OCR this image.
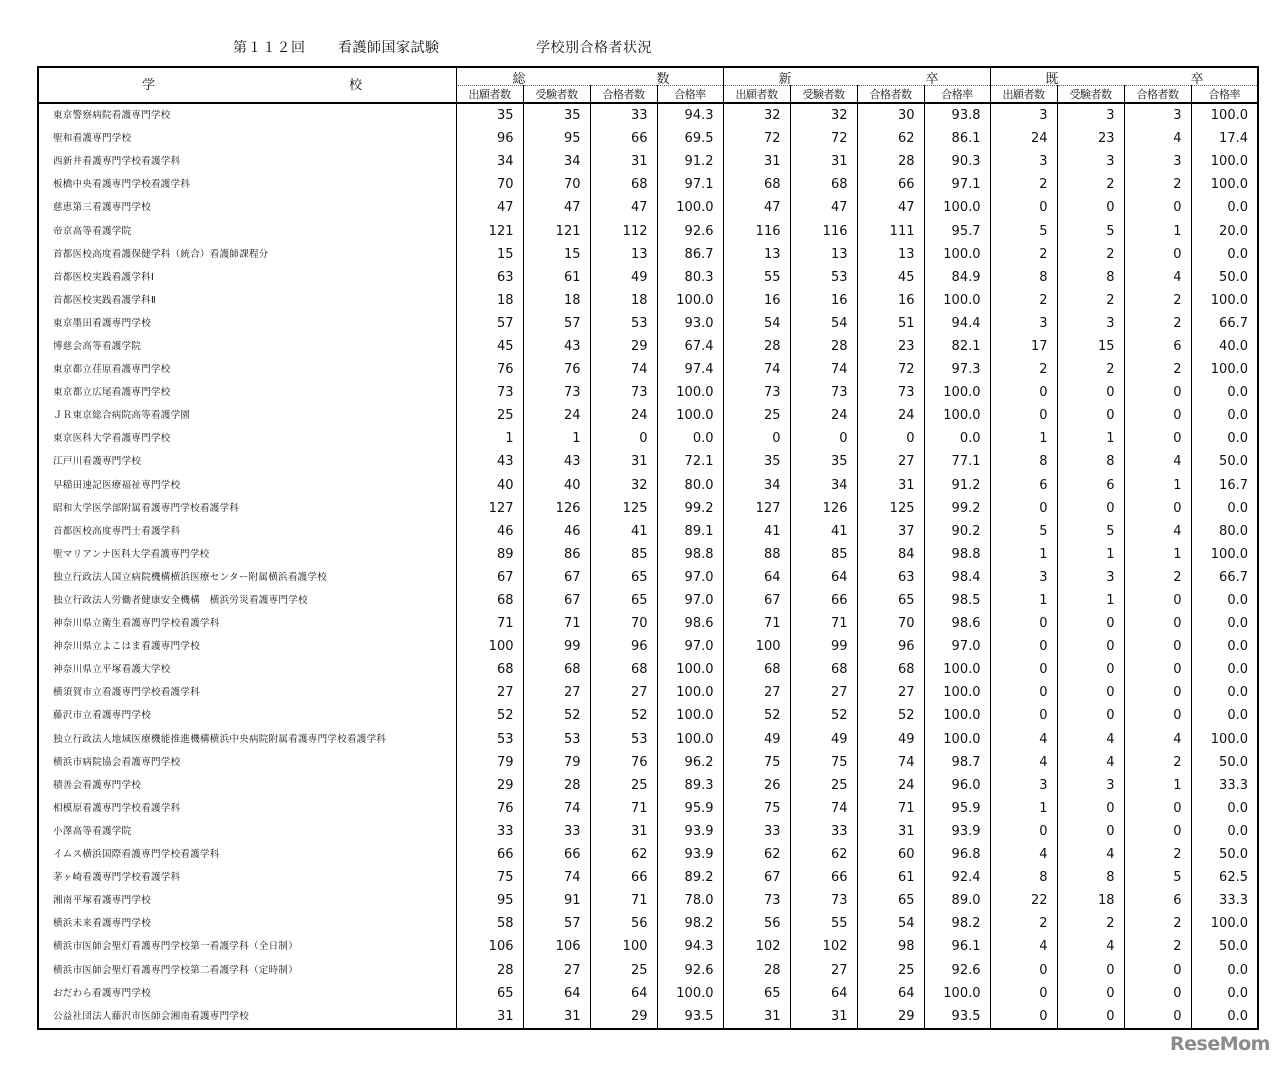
第１１２回 看護師国家試験	学校別合格者状況
学 校	総 数				新 卒				既 卒			

	出願者数	受験者数	合格者数	合格率	出願者数	受験者数	合格者数	合格率	出願者数	受験者数	合格者数	合格率
東京警察病院看護専門学校	35	35	33	94.3	32	32	30	93.8	3	3	3	100.0
聖和看護専門学校	96	95	66	69.5	72	72	62	86.1	24	23	4	17.4
西新井看護専門学校看護学科	34	34	31	91.2	31	31	28	90.3	3	3	3	100.0
板橋中央看護専門学校看護学科	70	70	68	97.1	68	68	66	97.1	2	2	2	100.0
慈恵第三看護専門学校	47	47	47	100.0	47	47	47	100.0	0	0	0	0.0
帝京高等看護学院	121	121	112	92.6	116	116	111	95.7	5	5	1	20.0
首都医校高度看護保健学科（統合）看護師課程分	15	15	13	86.7	13	13	13	100.0	2	2	0	0.0
首都医校実践看護学科Ⅰ	63	61	49	80.3	55	53	45	84.9	8	8	4	50.0
首都医校実践看護学科Ⅱ	18	18	18	100.0	16	16	16	100.0	2	2	2	100.0
東京墨田看護専門学校	57	57	53	93.0	54	54	51	94.4	3	3	2	66.7
博慈会高等看護学院	45	43	29	67.4	28	28	23	82.1	17	15	6	40.0
東京都立荏原看護専門学校	76	76	74	97.4	74	74	72	97.3	2	2	2	100.0
東京都立広尾看護専門学校	73	73	73	100.0	73	73	73	100.0	0	0	0	0.0
ＪＲ東京総合病院高等看護学園	25	24	24	100.0	25	24	24	100.0	0	0	0	0.0
東京医科大学看護専門学校	1	1	0	0.0	0	0	0	0.0	1	1	0	0.0
江戸川看護専門学校	43	43	31	72.1	35	35	27	77.1	8	8	4	50.0
早稲田速記医療福祉専門学校	40	40	32	80.0	34	34	31	91.2	6	6	1	16.7
昭和大学医学部附属看護専門学校看護学科	127	126	125	99.2	127	126	125	99.2	0	0	0	0.0
首都医校高度専門士看護学科	46	46	41	89.1	41	41	37	90.2	5	5	4	80.0
聖マリアンナ医科大学看護専門学校	89	86	85	98.8	88	85	84	98.8	1	1	1	100.0
独立行政法人国立病院機構横浜医療センター附属横浜看護学校	67	67	65	97.0	64	64	63	98.4	3	3	2	66.7
独立行政法人労働者健康安全機構　横浜労災看護専門学校	68	67	65	97.0	67	66	65	98.5	1	1	0	0.0
神奈川県立衛生看護専門学校看護学科	71	71	70	98.6	71	71	70	98.6	0	0	0	0.0
神奈川県立よこはま看護専門学校	100	99	96	97.0	100	99	96	97.0	0	0	0	0.0
神奈川県立平塚看護大学校	68	68	68	100.0	68	68	68	100.0	0	0	0	0.0
横須賀市立看護専門学校看護学科	27	27	27	100.0	27	27	27	100.0	0	0	0	0.0
藤沢市立看護専門学校	52	52	52	100.0	52	52	52	100.0	0	0	0	0.0
独立行政法人地域医療機能推進機構横浜中央病院附属看護専門学校看護学科	53	53	53	100.0	49	49	49	100.0	4	4	4	100.0
横浜市病院協会看護専門学校	79	79	76	96.2	75	75	74	98.7	4	4	2	50.0
積善会看護専門学校	29	28	25	89.3	26	25	24	96.0	3	3	1	33.3
相模原看護専門学校看護学科	76	74	71	95.9	75	74	71	95.9	1	0	0	0.0
小澤高等看護学院	33	33	31	93.9	33	33	31	93.9	0	0	0	0.0
イムス横浜国際看護専門学校看護学科	66	66	62	93.9	62	62	60	96.8	4	4	2	50.0
茅ヶ崎看護専門学校看護学科	75	74	66	89.2	67	66	61	92.4	8	8	5	62.5
湘南平塚看護専門学校	95	91	71	78.0	73	73	65	89.0	22	18	6	33.3
横浜未来看護専門学校	58	57	56	98.2	56	55	54	98.2	2	2	2	100.0
横浜市医師会聖灯看護専門学校第一看護学科（全日制）	106	106	100	94.3	102	102	98	96.1	4	4	2	50.0
横浜市医師会聖灯看護専門学校第二看護学科（定時制）	28	27	25	92.6	28	27	25	92.6	0	0	0	0.0
おだわら看護専門学校	65	64	64	100.0	65	64	64	100.0	0	0	0	0.0
公益社団法人藤沢市医師会湘南看護専門学校	31	31	29	93.5	31	31	29	93.5	0	0	0	0.0
ReseMom
